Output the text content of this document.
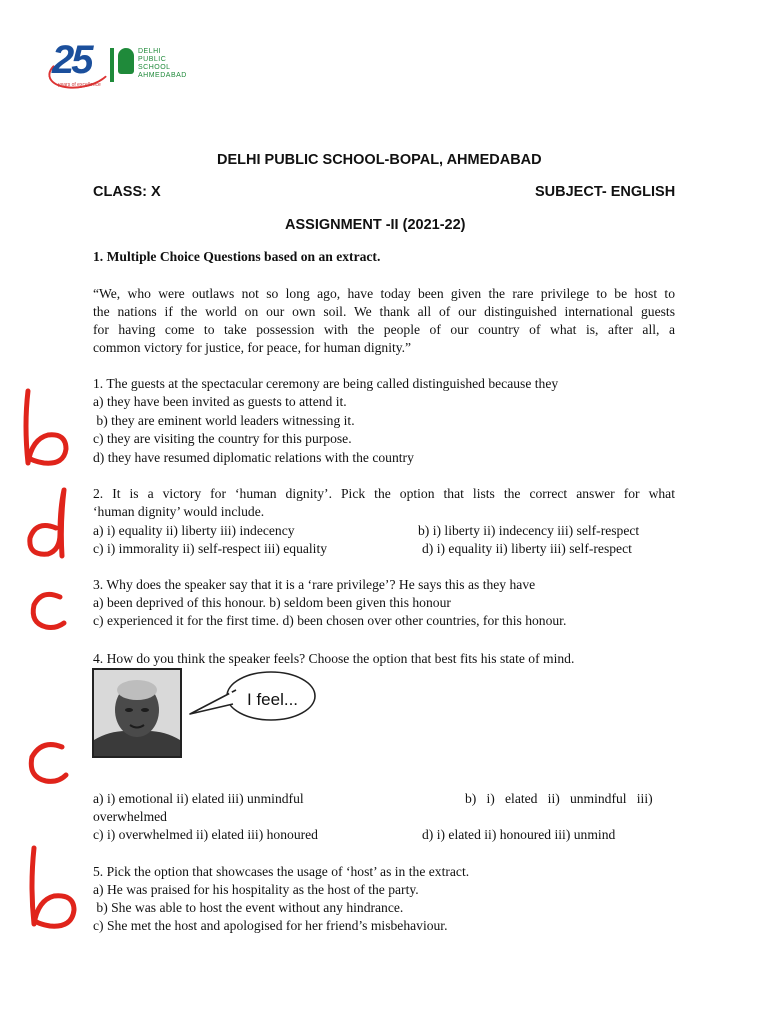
25
years of excellence
DELHI
PUBLIC
SCHOOL
AHMEDABAD
DELHI PUBLIC SCHOOL-BOPAL, AHMEDABAD
CLASS: X	SUBJECT- ENGLISH
ASSIGNMENT -II (2021-22)
1. Multiple Choice Questions based on an extract.
“We, who were outlaws not so long ago, have today been given the rare privilege to be host to
the nations if the world on our own soil. We thank all of our distinguished international guests
for having come to take possession with the people of our country of what is, after all, a
common victory for justice, for peace, for human dignity.”
1. The guests at the spectacular ceremony are being called distinguished because they
a) they have been invited as guests to attend it.
b) they are eminent world leaders witnessing it.
c) they are visiting the country for this purpose.
d) they have resumed diplomatic relations with the country
2. It is a victory for ‘human dignity’. Pick the option that lists the correct answer for what
‘human dignity’ would include.
a) i) equality ii) liberty iii) indecency	b) i) liberty ii) indecency iii) self-respect
c) i) immorality ii) self-respect iii) equality	d) i) equality ii) liberty iii) self-respect
3. Why does the speaker say that it is a ‘rare privilege’? He says this as they have
a) been deprived of this honour. b) seldom been given this honour
c) experienced it for the first time. d) been chosen over other countries, for this honour.
4. How do you think the speaker feels? Choose the option that best fits his state of mind.
I feel...
a) i) emotional ii) elated iii) unmindful	b)   i)   elated   ii)   unmindful   iii)
overwhelmed
c) i) overwhelmed ii) elated iii) honoured	d) i) elated ii) honoured iii) unmind
5. Pick the option that showcases the usage of ‘host’ as in the extract.
a) He was praised for his hospitality as the host of the party.
b) She was able to host the event without any hindrance.
c) She met the host and apologised for her friend’s misbehaviour.
